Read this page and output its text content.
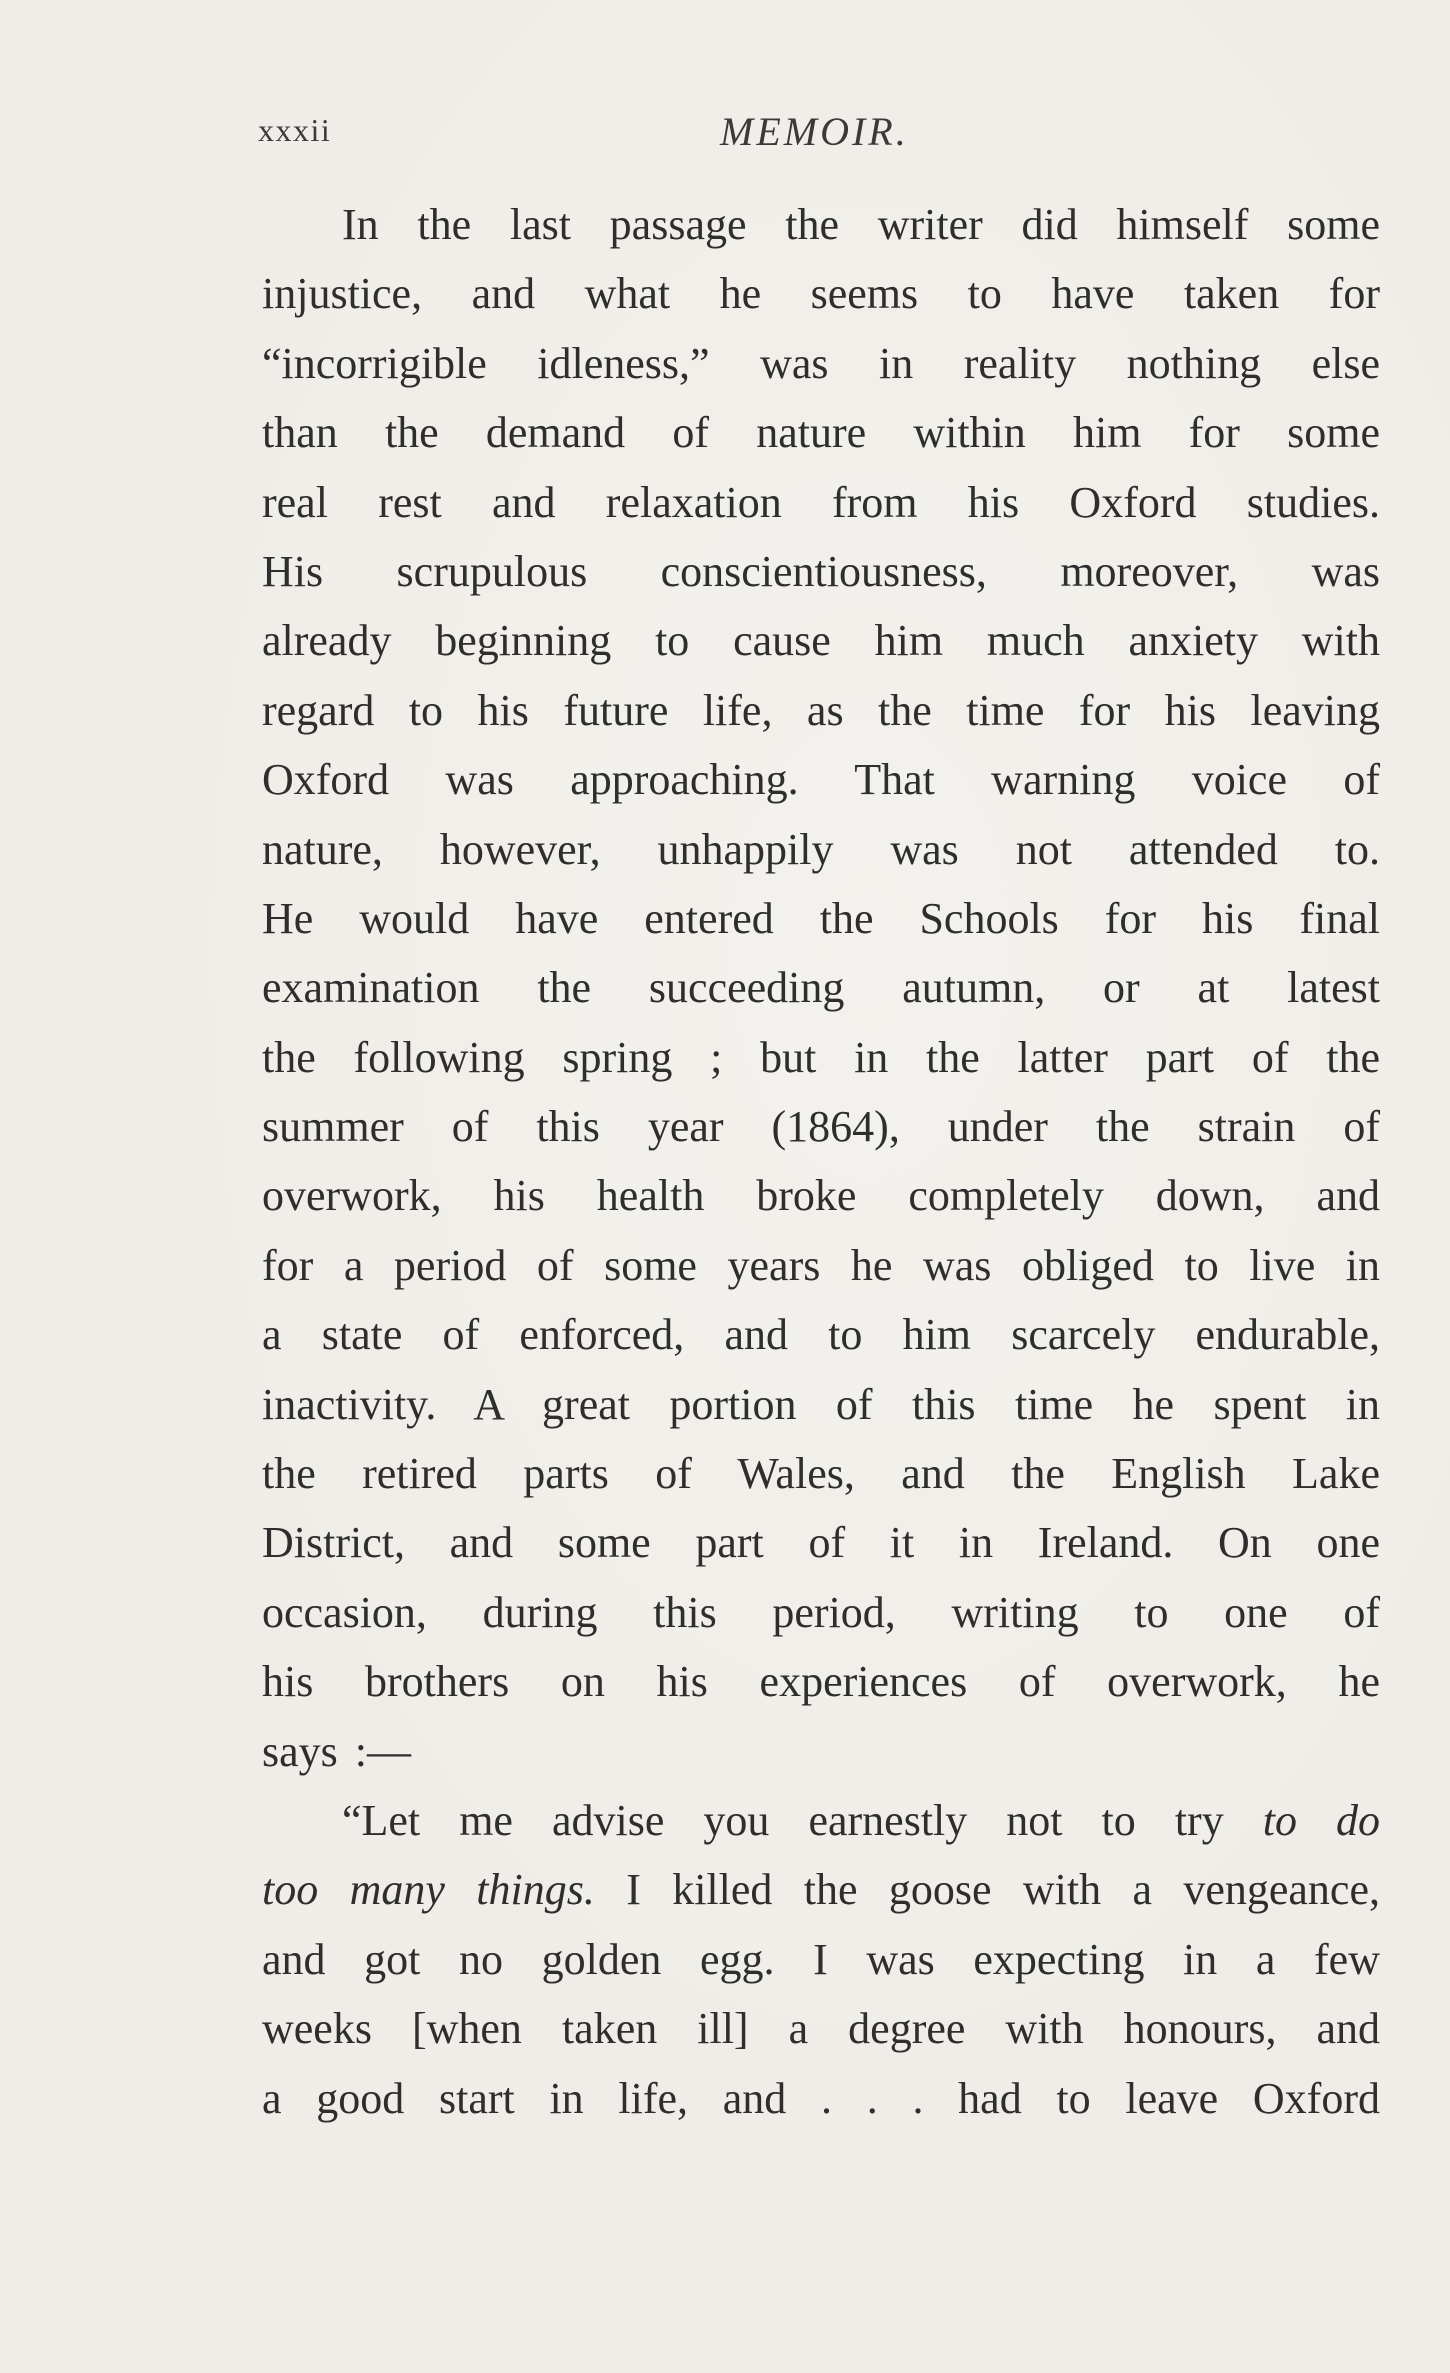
xxxii	MEMOIR.
In the last passage the writer did himself some
injustice, and what he seems to have taken for
“incorrigible idleness,” was in reality nothing else
than the demand of nature within him for some
real rest and relaxation from his Oxford studies.
His scrupulous conscientiousness, moreover, was
already beginning to cause him much anxiety with
regard to his future life, as the time for his leaving
Oxford was approaching. That warning voice of
nature, however, unhappily was not attended to.
He would have entered the Schools for his final
examination the succeeding autumn, or at latest
the following spring ; but in the latter part of the
summer of this year (1864), under the strain of
overwork, his health broke completely down, and
for a period of some years he was obliged to live in
a state of enforced, and to him scarcely endurable,
inactivity. A great portion of this time he spent in
the retired parts of Wales, and the English Lake
District, and some part of it in Ireland. On one
occasion, during this period, writing to one of
his brothers on his experiences of overwork, he
says :—
“Let me advise you earnestly not to try to do
too many things. I killed the goose with a vengeance,
and got no golden egg. I was expecting in a few
weeks [when taken ill] a degree with honours, and
a good start in life, and . . . had to leave Oxford
